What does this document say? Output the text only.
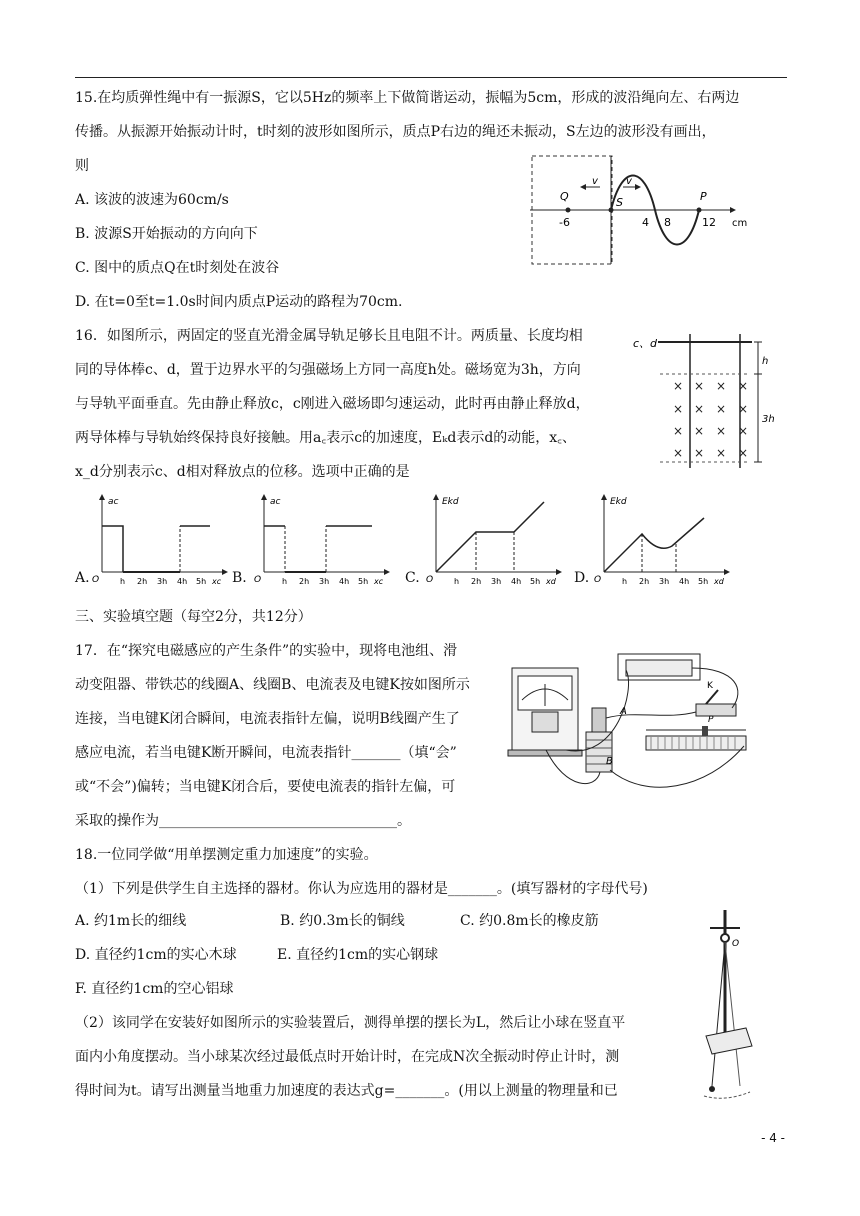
15.在均质弹性绳中有一振源S，它以5Hz的频率上下做简谐运动，振幅为5cm，形成的波沿绳向左、右两边
传播。从振源开始振动计时，t时刻的波形如图所示，质点P右边的绳还未振动，S左边的波形没有画出，
则
A. 该波的波速为60cm/s
B. 波源S开始振动的方向向下
C. 图中的质点Q在t时刻处在波谷
D. 在t=0至t=1.0s时间内质点P运动的路程为70cm.
Q
v	v
S	P
-6	4 8	12 cm
16．如图所示，两固定的竖直光滑金属导轨足够长且电阻不计。两质量、长度均相
同的导体棒c、d，置于边界水平的匀强磁场上方同一高度h处。磁场宽为3h，方向
与导轨平面垂直。先由静止释放c，c刚进入磁场即匀速运动，此时再由静止释放d，
两导体棒与导轨始终保持良好接触。用a꜀表示c的加速度，Eₖd表示d的动能，x꜀、
x_d分别表示c、d相对释放点的位移。选项中正确的是
c、d
h
3h
× × × ×
× × × ×
× × × ×
× × × ×
A.	B.	C.	D.
ac
O	h 2h 3h 4h 5h xc
ac
O	h 2h 3h 4h 5h xc
Ekd
O	h 2h 3h 4h 5h xd
Ekd
O	h 2h 3h 4h 5h xd
三、实验填空题（每空2分，共12分）
17．在“探究电磁感应的产生条件”的实验中，现将电池组、滑
动变阻器、带铁芯的线圈A、线圈B、电流表及电键K按如图所示
连接，当电键K闭合瞬间，电流表指针左偏，说明B线圈产生了
感应电流，若当电键K断开瞬间，电流表指针_______（填“会”
或“不会”)偏转；当电键K闭合后，要使电流表的指针左偏，可
采取的操作为__________________________________。
K
A
B
P
18.一位同学做“用单摆测定重力加速度”的实验。
（1）下列是供学生自主选择的器材。你认为应选用的器材是_______。(填写器材的字母代号)
A. 约1m长的细线	B. 约0.3m长的铜线	C. 约0.8m长的橡皮筋
D. 直径约1cm的实心木球	E. 直径约1cm的实心钢球
F. 直径约1cm的空心铝球
（2）该同学在安装好如图所示的实验装置后，测得单摆的摆长为L，然后让小球在竖直平
面内小角度摆动。当小球某次经过最低点时开始计时，在完成N次全振动时停止计时，测
得时间为t。请写出测量当地重力加速度的表达式g=_______。(用以上测量的物理量和已
O
- 4 -
